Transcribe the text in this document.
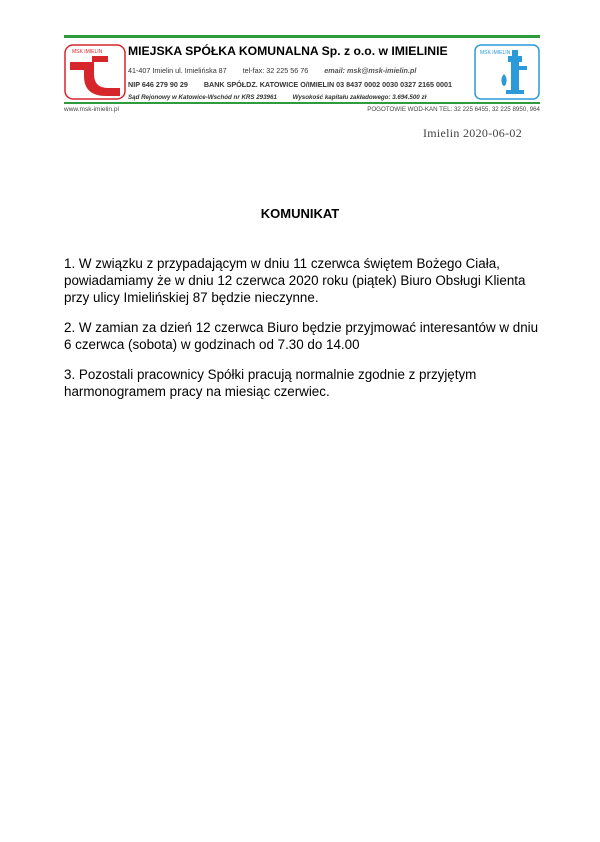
MSK IMIELIN MIEJSKA SPÓŁKA KOMUNALNA Sp. z o.o. w IMIELINIE
41-407 Imielin ul. Imielińska 87 tel-fax: 32 225 56 76 email: msk@msk-imielin.pl
NIP 646 279 90 29 BANK SPÓŁDZ. KATOWICE O/IMIELIN 03 8437 0002 0030 0327 2165 0001
Sąd Rejonowy w Katowice-Wschód nr KRS 293961	Wysokość kapitału zakładowego: 3.694.500 zł
MSK IMIELIN
www.msk-imielin.pl	POGOTOWIE WOD-KAN TEL: 32 225 6455, 32 225 8950, 964
Imielin 2020-06-02
KOMUNIKAT
1. W związku z przypadającym w dniu 11 czerwca świętem Bożego Ciała, powiadamiamy że w dniu 12 czerwca 2020 roku (piątek) Biuro Obsługi Klienta przy ulicy Imielińskiej 87 będzie nieczynne.
2. W zamian za dzień 12 czerwca Biuro będzie przyjmować interesantów w dniu 6 czerwca (sobota) w godzinach od 7.30 do 14.00
3. Pozostali pracownicy Spółki pracują normalnie zgodnie z przyjętym harmonogramem pracy na miesiąc czerwiec.
